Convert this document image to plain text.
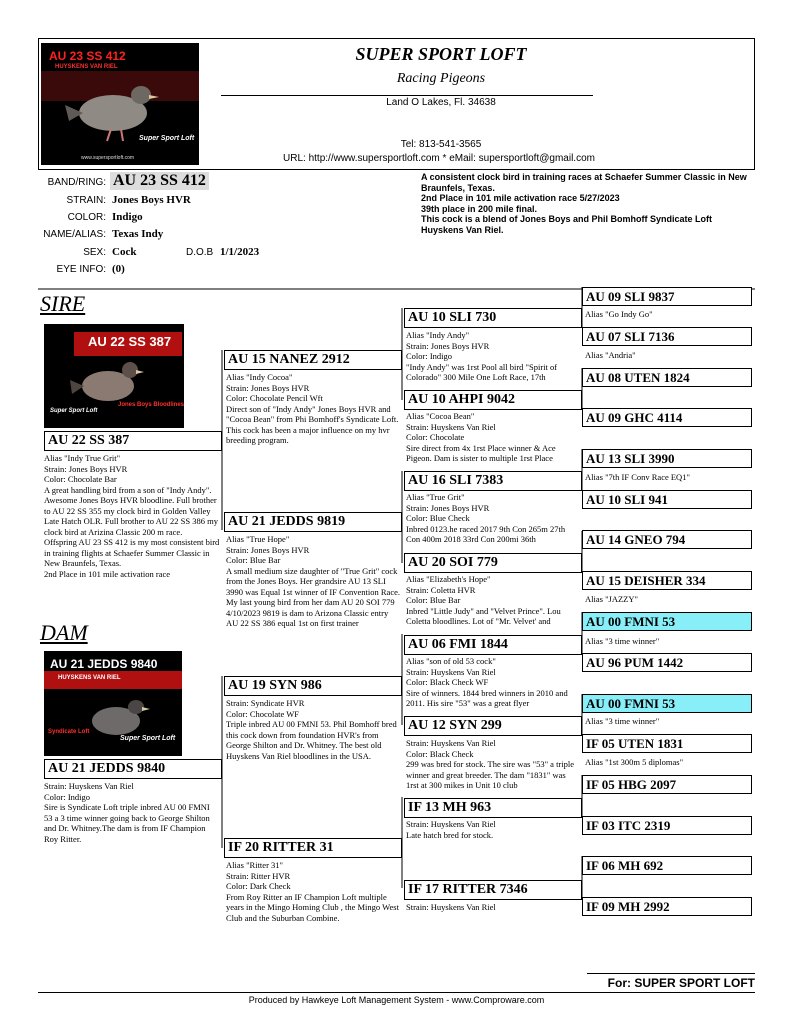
AU 23 SS 412
HUYSKENS VAN RIEL
Super Sport Loft
www.supersportloft.com
SUPER SPORT LOFT
Racing Pigeons
Land O Lakes, Fl. 34638
Tel: 813-541-3565
URL: http://www.supersportloft.com * eMail: supersportloft@gmail.com
BAND/RING: AU 23 SS 412
STRAIN: Jones Boys HVR
COLOR: Indigo
NAME/ALIAS: Texas Indy
SEX: Cock	D.O.B 1/1/2023
EYE INFO: (0)
A consistent clock bird in training races at Schaefer Summer Classic in New Braunfels, Texas.
2nd Place in 101 mile activation race 5/27/2023
39th place in 200 mile final.
This cock is a blend of Jones Boys and Phil Bomhoff Syndicate Loft Huyskens Van Riel.
SIRE
AU 22 SS 387
Super Sport Loft
Jones Boys Bloodlines
AU 22 SS 387
Alias "Indy True Grit"
Strain: Jones Boys HVR
Color: Chocolate Bar
A great handling bird from a son of "Indy Andy". Awesome Jones Boys HVR bloodline. Full brother to AU 22 SS 355 my clock bird in Golden Valley Late Hatch OLR. Full brother to AU 22 SS 386 my clock bird at Arizina Classic 200 m race.
Offspring AU 23 SS 412 is my most consistent bird in training flights at Schaefer Summer Classic in New Braunfels, Texas.
2nd Place in 101 mile activation race
DAM
AU 21 JEDDS 9840
HUYSKENS VAN RIEL
Syndicate Loft
Super Sport Loft
AU 21 JEDDS 9840
Strain: Huyskens Van Riel
Color: Indigo
Sire is Syndicate Loft triple inbred AU 00 FMNI 53 a 3 time winner going back to George Shilton and Dr. Whitney.The dam is from IF Champion Roy Ritter.
AU 15 NANEZ 2912
Alias "Indy Cocoa"
Strain: Jones Boys HVR
Color: Chocolate Pencil Wft
Direct son of "Indy Andy" Jones Boys HVR and "Cocoa Bean" from Phi Bomhoff's Syndicate Loft. This cock has been a major influence on my hvr breeding program.
AU 21 JEDDS 9819
Alias "True Hope"
Strain: Jones Boys HVR
Color: Blue Bar
A small medium size daughter of "True Grit" cock from the Jones Boys. Her grandsire AU 13 SLI 3990 was Equal 1st winner of IF Convention Race.
My last young bird from her dam AU 20 SOI 779
4/10/2023 9819 is dam to Arizona Classic entry AU 22 SS 386 equal 1st on first trainer
AU 19 SYN 986
Strain: Syndicate HVR
Color: Chocolate WF
Triple inbred AU 00 FMNI 53. Phil Bomhoff bred this cock down from foundation HVR's from George Shilton and Dr. Whitney. The best old Huyskens Van Riel bloodlines in the USA.
IF 20 RITTER 31
Alias "Ritter 31"
Strain: Ritter HVR
Color: Dark Check
From Roy Ritter an IF Champion Loft multiple years in the Mingo Homing Club , the Mingo West Club and the Suburban Combine.
AU 10 SLI 730
Alias "Indy Andy"
Strain: Jones Boys HVR
Color: Indigo
"Indy Andy" was 1rst Pool all bird "Spirit of Colorado" 300 Mile One Loft Race, 17th
AU 10 AHPI 9042
Alias "Cocoa Bean"
Strain: Huyskens Van Riel
Color: Chocolate
Sire direct from 4x 1rst Place winner & Ace Pigeon. Dam is sister to multiple 1rst Place
AU 16 SLI 7383
Alias "True Grit"
Strain: Jones Boys HVR
Color: Blue Check
Inbred 0123.he raced 2017 9th Con 265m 27th Con 400m 2018 33rd Con 200mi 36th
AU 20 SOI 779
Alias "Elizabeth's Hope"
Strain: Coletta HVR
Color: Blue Bar
Inbred "Little Judy" and "Velvet Prince". Lou Coletta bloodlines. Lot of "Mr. Velvet' and
AU 06 FMI 1844
Alias "son of old 53 cock"
Strain: Huyskens Van Riel
Color: Black Check WF
Sire of winners. 1844 bred winners in 2010 and 2011. His sire "53" was a great flyer
AU 12 SYN 299
Strain: Huyskens Van Riel
Color: Black Check
299 was bred for stock. The sire was "53" a triple winner and great breeder. The dam "1831" was 1rst at 300 mikes in Unit 10 club
IF 13 MH 963
Strain: Huyskens Van Riel
Late hatch bred for stock.
IF 17 RITTER 7346
Strain: Huyskens Van Riel
AU 09 SLI 9837
Alias "Go Indy Go"
AU 07 SLI 7136
Alias "Andria"
AU 08 UTEN 1824
AU 09 GHC 4114
AU 13 SLI 3990
Alias "7th IF Conv Race EQ1"
AU 10 SLI 941
AU 14 GNEO 794
AU 15 DEISHER 334
Alias "JAZZY"
AU 00 FMNI 53
Alias "3 time winner"
AU 96 PUM 1442
AU 00 FMNI 53
Alias "3 time winner"
IF 05 UTEN 1831
Alias "1st 300m 5 diplomas"
IF 05 HBG 2097
IF 03 ITC 2319
IF 06 MH 692
IF 09 MH 2992
For: SUPER SPORT LOFT
Produced by Hawkeye Loft Management System - www.Comproware.com
